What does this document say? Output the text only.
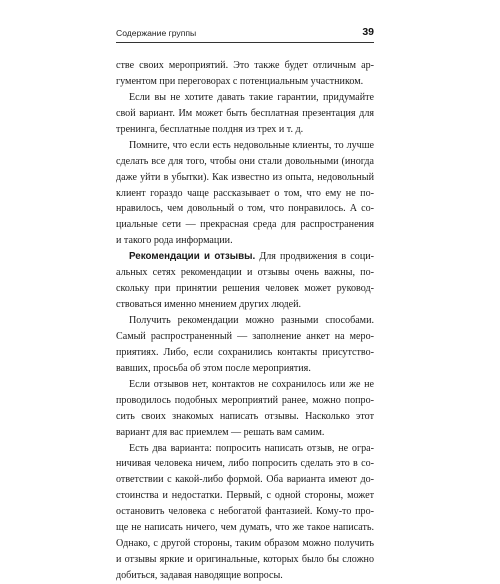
Содержание группы	39
стве своих мероприятий. Это также будет отличным ар-
гументом при переговорах с потенциальным участником.
Если вы не хотите давать такие гарантии, придумайте
свой вариант. Им может быть бесплатная презентация для
тренинга, бесплатные полдня из трех и т. д.
Помните, что если есть недовольные клиенты, то лучше
сделать все для того, чтобы они стали довольными (иногда
даже уйти в убытки). Как известно из опыта, недовольный
клиент гораздо чаще рассказывает о том, что ему не по-
нравилось, чем довольный о том, что понравилось. А со-
циальные сети — прекрасная среда для распространения
и такого рода информации.
Рекомендации и отзывы. Для продвижения в соци-
альных сетях рекомендации и отзывы очень важны, по-
скольку при принятии решения человек может руковод-
ствоваться именно мнением других людей.
Получить рекомендации можно разными способами.
Самый распространенный — заполнение анкет на меро-
приятиях. Либо, если сохранились контакты присутство-
вавших, просьба об этом после мероприятия.
Если отзывов нет, контактов не сохранилось или же не
проводилось подобных мероприятий ранее, можно попро-
сить своих знакомых написать отзывы. Насколько этот
вариант для вас приемлем — решать вам самим.
Есть два варианта: попросить написать отзыв, не огра-
ничивая человека ничем, либо попросить сделать это в со-
ответствии с какой-либо формой. Оба варианта имеют до-
стоинства и недостатки. Первый, с одной стороны, может
остановить человека с небогатой фантазией. Кому-то про-
ще не написать ничего, чем думать, что же такое написать.
Однако, с другой стороны, таким образом можно получить
и отзывы яркие и оригинальные, которых было бы сложно
добиться, задавая наводящие вопросы.
